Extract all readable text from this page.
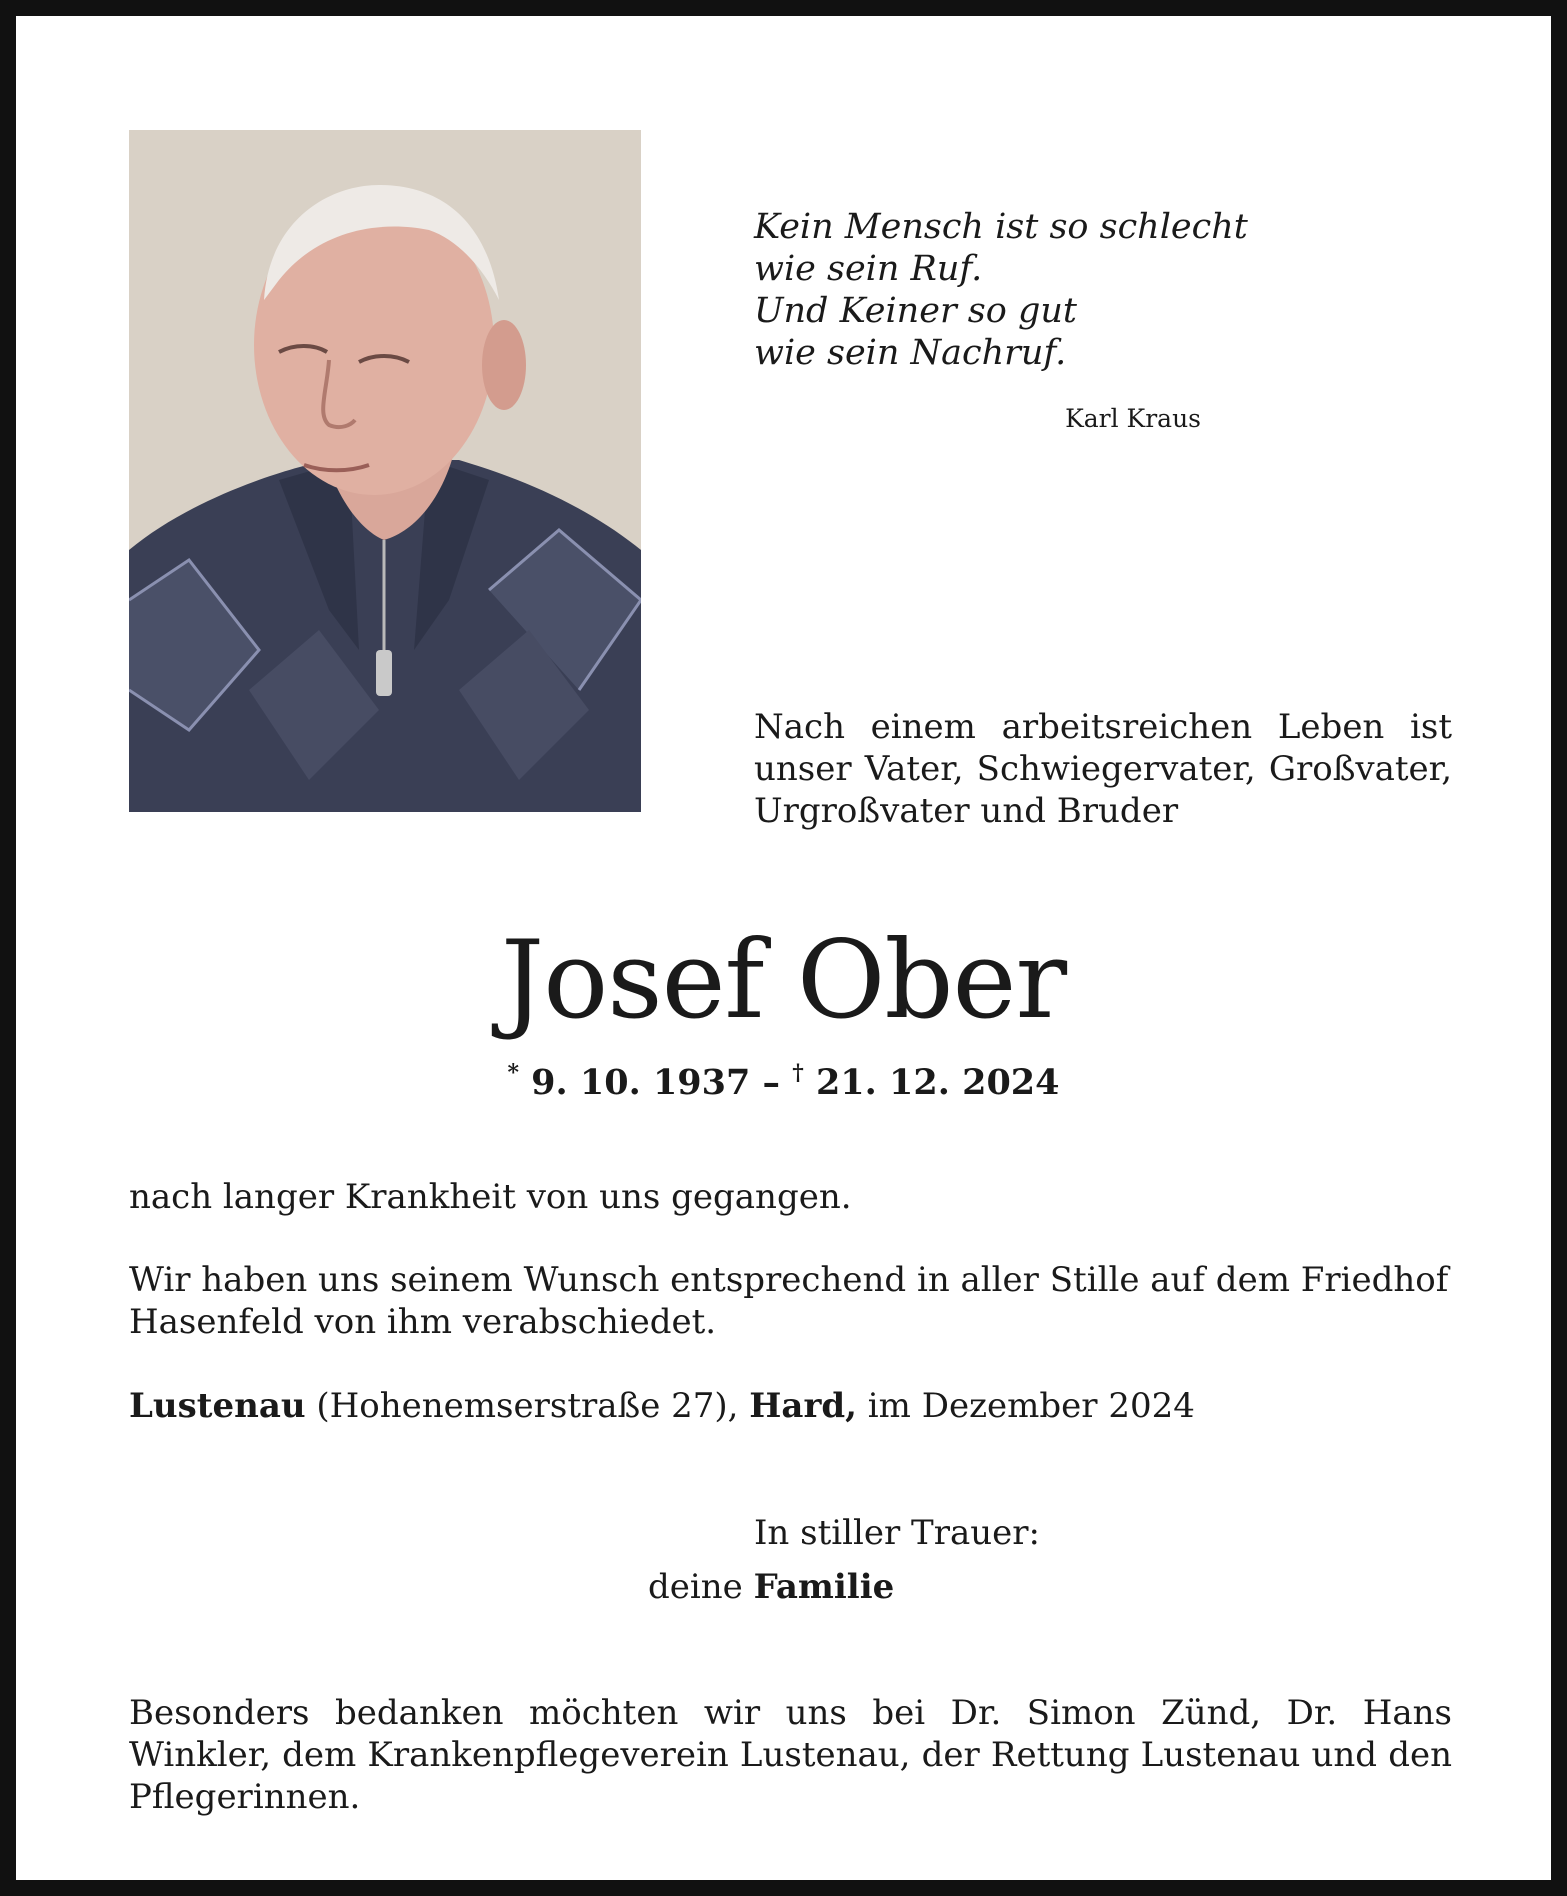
Kein Mensch ist so schlecht
wie sein Ruf.
Und Keiner so gut
wie sein Nachruf.
Karl Kraus
Nach einem arbeitsreichen Leben ist
unser Vater, Schwiegervater, Großvater,
Urgroßvater und Bruder
Josef Ober
* 9. 10. 1937 – † 21. 12. 2024
nach langer Krankheit von uns gegangen.
Wir haben uns seinem Wunsch entsprechend in aller Stille auf dem Friedhof Hasenfeld von ihm verabschiedet.
Lustenau (Hohenemserstraße 27), Hard, im Dezember 2024
In stiller Trauer:
deine Familie
Besonders bedanken möchten wir uns bei Dr. Simon Zünd, Dr. Hans
Winkler, dem Krankenpflegeverein Lustenau, der Rettung Lustenau und den
Pflegerinnen.
